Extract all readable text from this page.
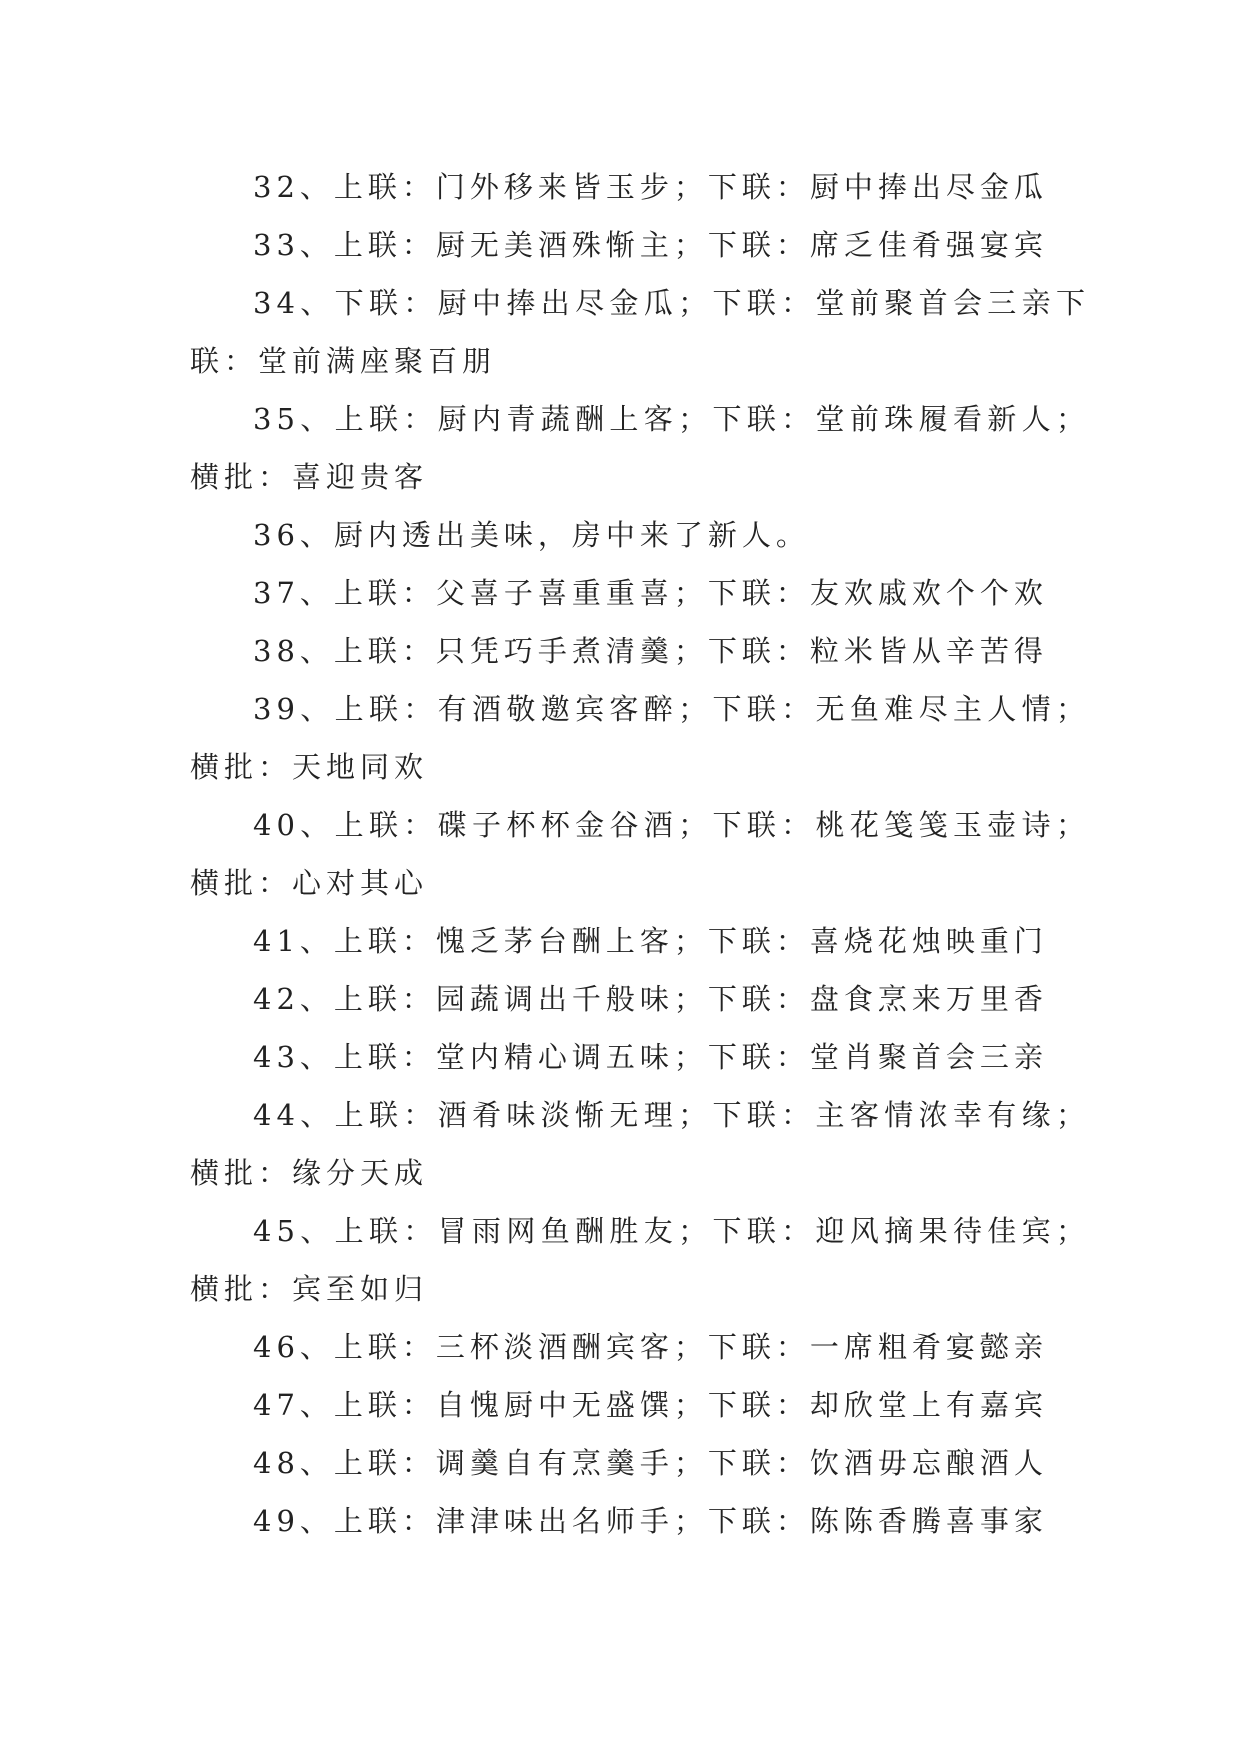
32、上联：门外移来皆玉步；下联：厨中捧出尽金瓜

33、上联：厨无美酒殊惭主；下联：席乏佳肴强宴宾

34、下联：厨中捧出尽金瓜；下联：堂前聚首会三亲下联：堂前满座聚百朋

35、上联：厨内青蔬酬上客；下联：堂前珠履看新人；横批：喜迎贵客

36、厨内透出美味，房中来了新人。

37、上联：父喜子喜重重喜；下联：友欢戚欢个个欢

38、上联：只凭巧手煮清羹；下联：粒米皆从辛苦得

39、上联：有酒敬邀宾客醉；下联：无鱼难尽主人情；横批：天地同欢

40、上联：碟子杯杯金谷酒；下联：桃花笺笺玉壶诗；横批：心对其心

41、上联：愧乏茅台酬上客；下联：喜烧花烛映重门

42、上联：园蔬调出千般味；下联：盘食烹来万里香

43、上联：堂内精心调五味；下联：堂肖聚首会三亲

44、上联：酒肴味淡惭无理；下联：主客情浓幸有缘；横批：缘分天成

45、上联：冒雨网鱼酬胜友；下联：迎风摘果待佳宾；横批：宾至如归

46、上联：三杯淡酒酬宾客；下联：一席粗肴宴懿亲

47、上联：自愧厨中无盛馔；下联：却欣堂上有嘉宾

48、上联：调羹自有烹羹手；下联：饮酒毋忘酿酒人

49、上联：津津味出名师手；下联：陈陈香腾喜事家
